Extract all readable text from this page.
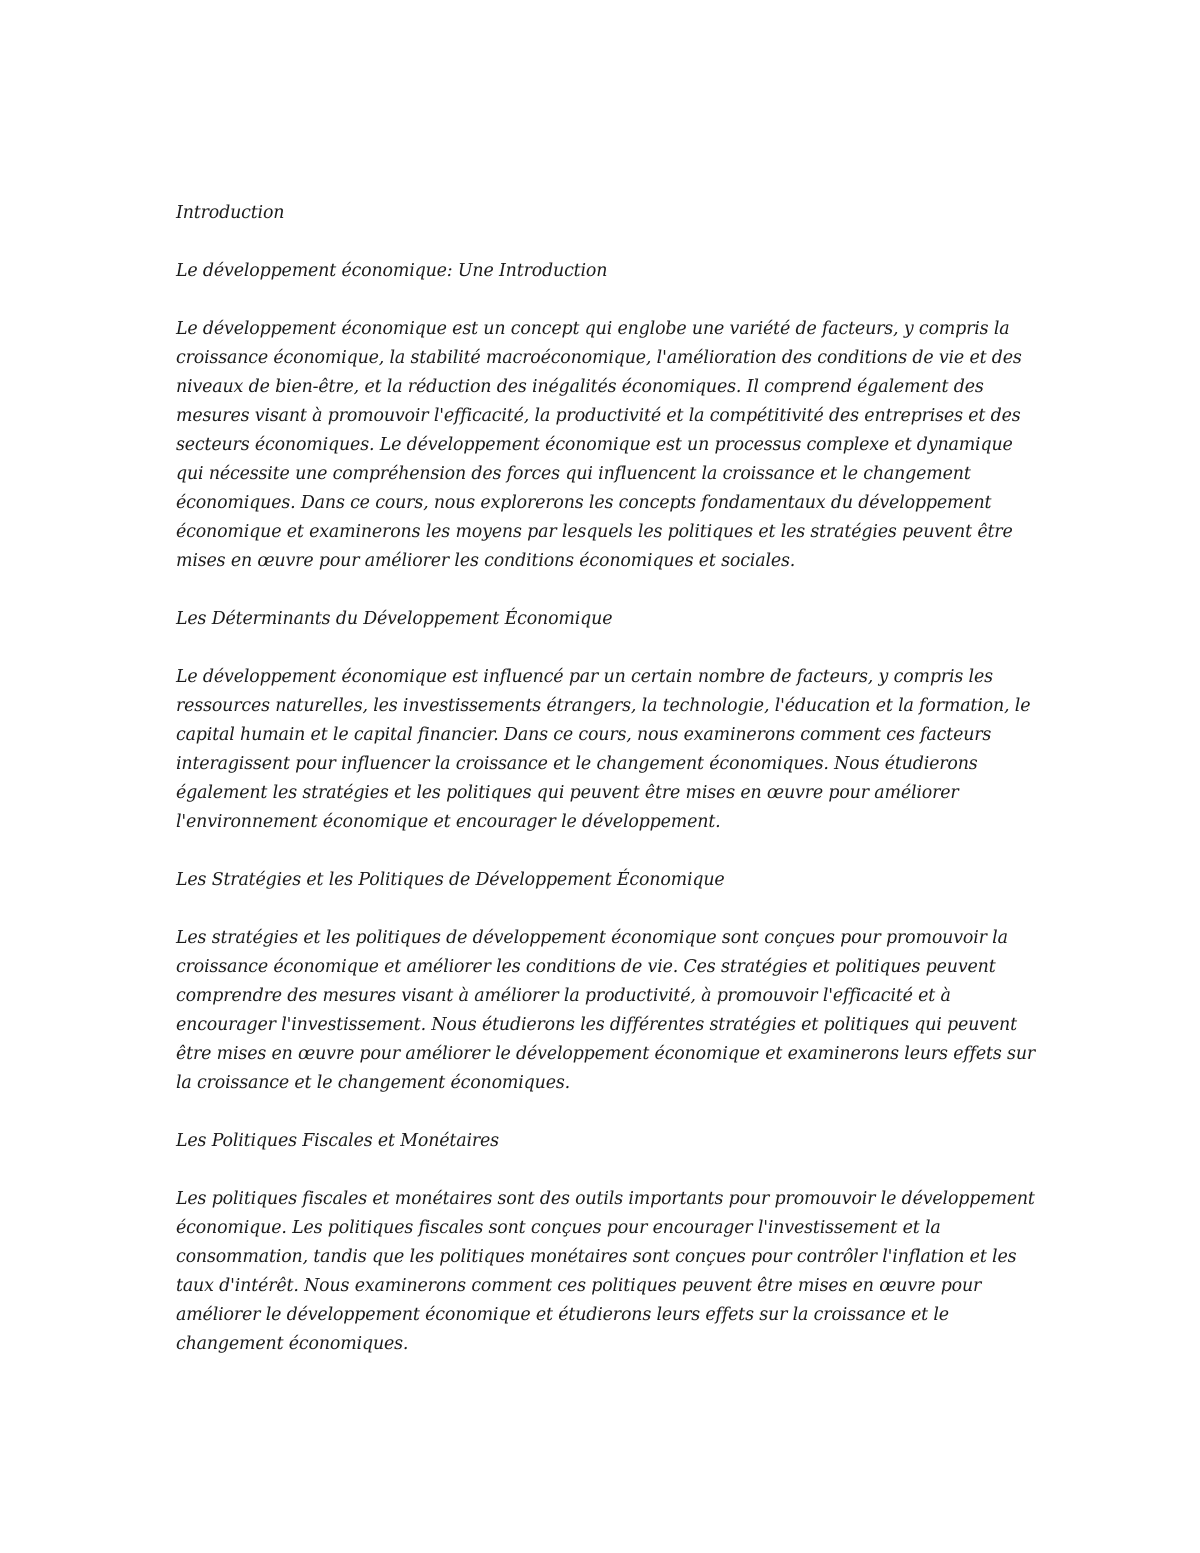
Introduction

Le développement économique: Une Introduction

Le développement économique est un concept qui englobe une variété de facteurs, y compris la croissance économique, la stabilité macroéconomique, l'amélioration des conditions de vie et des niveaux de bien-être, et la réduction des inégalités économiques. Il comprend également des mesures visant à promouvoir l'efficacité, la productivité et la compétitivité des entreprises et des secteurs économiques. Le développement économique est un processus complexe et dynamique qui nécessite une compréhension des forces qui influencent la croissance et le changement économiques. Dans ce cours, nous explorerons les concepts fondamentaux du développement économique et examinerons les moyens par lesquels les politiques et les stratégies peuvent être mises en œuvre pour améliorer les conditions économiques et sociales.

Les Déterminants du Développement Économique

Le développement économique est influencé par un certain nombre de facteurs, y compris les ressources naturelles, les investissements étrangers, la technologie, l'éducation et la formation, le capital humain et le capital financier. Dans ce cours, nous examinerons comment ces facteurs interagissent pour influencer la croissance et le changement économiques. Nous étudierons également les stratégies et les politiques qui peuvent être mises en œuvre pour améliorer l'environnement économique et encourager le développement.

Les Stratégies et les Politiques de Développement Économique

Les stratégies et les politiques de développement économique sont conçues pour promouvoir la croissance économique et améliorer les conditions de vie. Ces stratégies et politiques peuvent comprendre des mesures visant à améliorer la productivité, à promouvoir l'efficacité et à encourager l'investissement. Nous étudierons les différentes stratégies et politiques qui peuvent être mises en œuvre pour améliorer le développement économique et examinerons leurs effets sur la croissance et le changement économiques.

Les Politiques Fiscales et Monétaires

Les politiques fiscales et monétaires sont des outils importants pour promouvoir le développement économique. Les politiques fiscales sont conçues pour encourager l'investissement et la consommation, tandis que les politiques monétaires sont conçues pour contrôler l'inflation et les taux d'intérêt. Nous examinerons comment ces politiques peuvent être mises en œuvre pour améliorer le développement économique et étudierons leurs effets sur la croissance et le changement économiques.
